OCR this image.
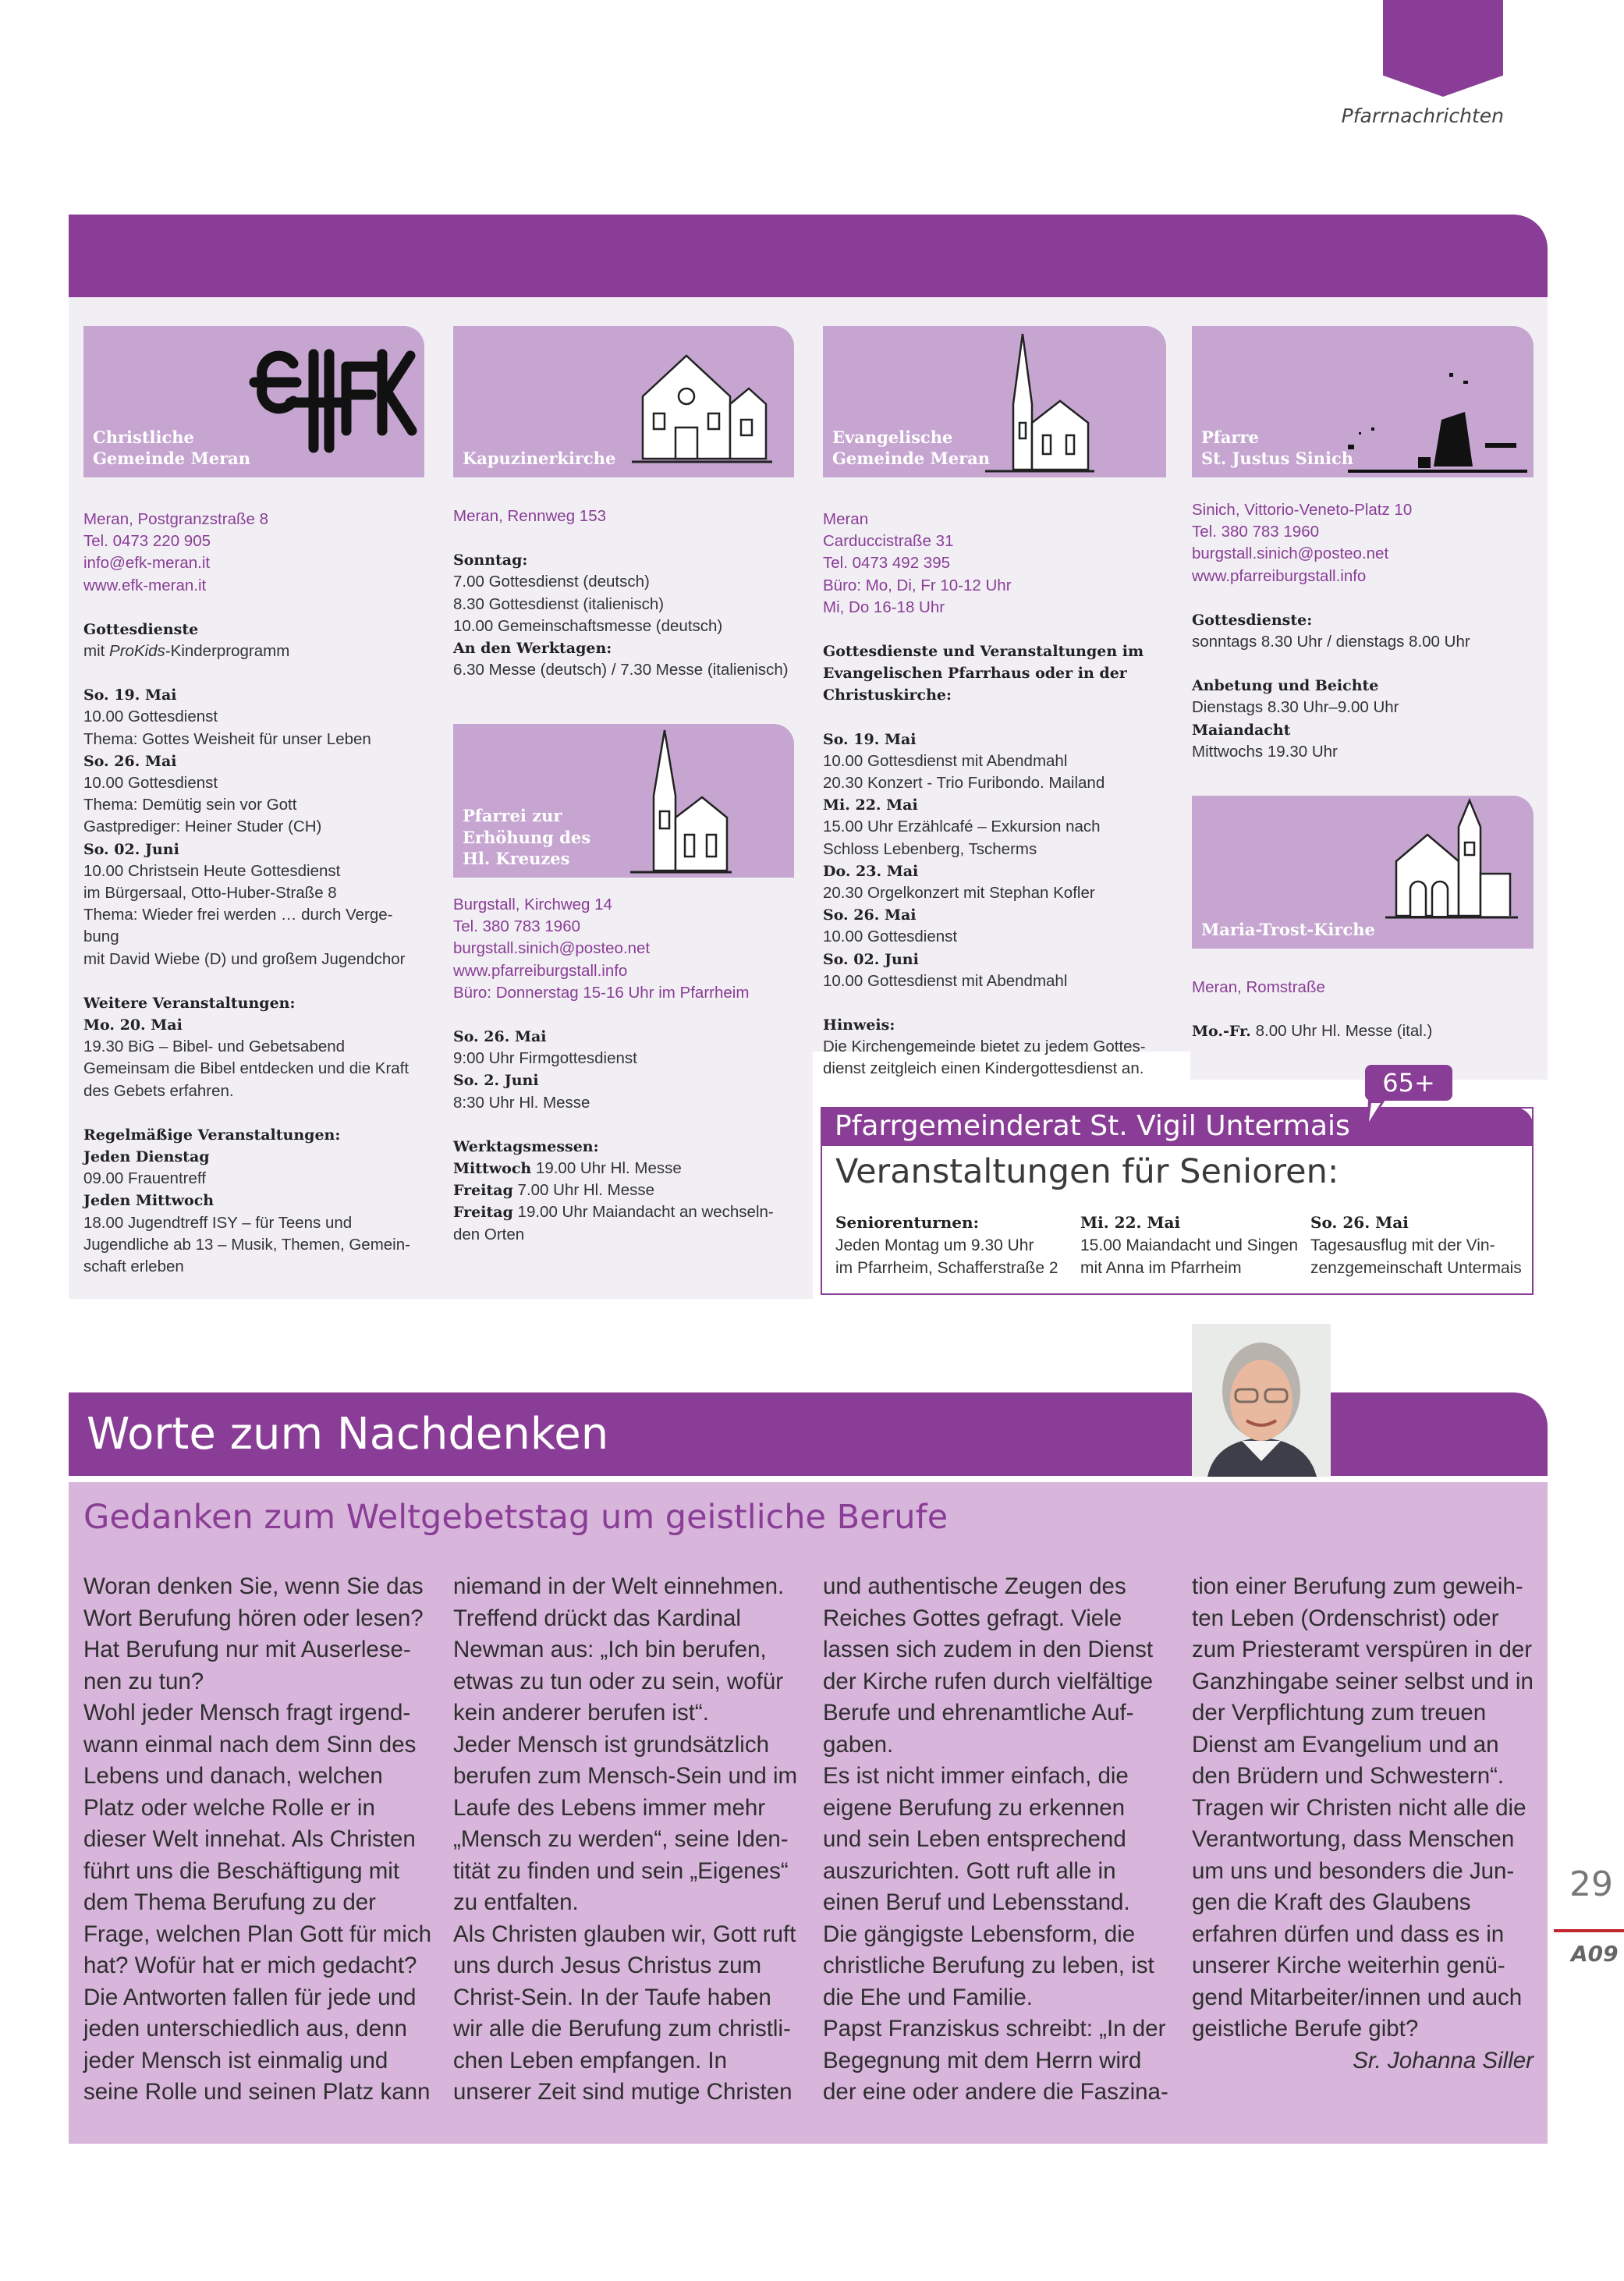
Pfarrnachrichten
Christliche
Gemeinde Meran	Kapuzinerkirche
Evangelische
Gemeinde Meran
Pfarre
St. Justus Sinich
Pfarrei zur
Erhöhung des
Hl. Kreuzes
Maria-Trost-Kirche

Meran, Postgranzstraße 8
Tel. 0473 220 905
info@efk-meran.it
www.efk-meran.it

Gottesdienste
mit ProKids-Kinderprogramm

So. 19. Mai
10.00 Gottesdienst
Thema: Gottes Weisheit für unser Leben
So. 26. Mai
10.00 Gottesdienst
Thema: Demütig sein vor Gott
Gastprediger: Heiner Studer (CH)
So. 02. Juni
10.00 Christsein Heute Gottesdienst
im Bürgersaal, Otto-Huber-Straße 8
Thema: Wieder frei werden … durch Verge-
bung
mit David Wiebe (D) und großem Jugendchor

Weitere Veranstaltungen:
Mo. 20. Mai
19.30 BiG – Bibel- und Gebetsabend
Gemeinsam die Bibel entdecken und die Kraft
des Gebets erfahren.

Regelmäßige Veranstaltungen:
Jeden Dienstag
09.00 Frauentreff
Jeden Mittwoch
18.00 Jugendtreff ISY – für Teens und
Jugendliche ab 13 – Musik, Themen, Gemein-
schaft erleben

Meran, Rennweg 153

Sonntag:
7.00 Gottesdienst (deutsch)
8.30 Gottesdienst (italienisch)
10.00 Gemeinschaftsmesse (deutsch)
An den Werktagen:
6.30 Messe (deutsch) / 7.30 Messe (italienisch)

Burgstall, Kirchweg 14
Tel. 380 783 1960
burgstall.sinich@posteo.net
www.pfarreiburgstall.info
Büro: Donnerstag 15-16 Uhr im Pfarrheim

So. 26. Mai
9:00 Uhr Firmgottesdienst
So. 2. Juni
8:30 Uhr Hl. Messe

Werktagsmessen:
Mittwoch 19.00 Uhr Hl. Messe
Freitag 7.00 Uhr Hl. Messe
Freitag 19.00 Uhr Maiandacht an wechseln-
den Orten

Meran
Carduccistraße 31
Tel. 0473 492 395
Büro: Mo, Di, Fr 10-12 Uhr
Mi, Do 16-18 Uhr

Gottesdienste und Veranstaltungen im
Evangelischen Pfarrhaus oder in der
Christuskirche:

So. 19. Mai
10.00 Gottesdienst mit Abendmahl
20.30 Konzert - Trio Furibondo. Mailand
Mi. 22. Mai
15.00 Uhr Erzählcafé – Exkursion nach
Schloss Lebenberg, Tscherms
Do. 23. Mai
20.30 Orgelkonzert mit Stephan Kofler
So. 26. Mai
10.00 Gottesdienst
So. 02. Juni
10.00 Gottesdienst mit Abendmahl

Hinweis:
Die Kirchengemeinde bietet zu jedem Gottes-
dienst zeitgleich einen Kindergottesdienst an.

Sinich, Vittorio-Veneto-Platz 10
Tel. 380 783 1960
burgstall.sinich@posteo.net
www.pfarreiburgstall.info

Gottesdienste:
sonntags 8.30 Uhr / dienstags 8.00 Uhr

Anbetung und Beichte
Dienstags 8.30 Uhr–9.00 Uhr
Maiandacht
Mittwochs 19.30 Uhr

Meran, Romstraße

Mo.-Fr. 8.00 Uhr Hl. Messe (ital.)

Pfarrgemeinderat St. Vigil Untermais
65+
Veranstaltungen für Senioren:
Seniorenturnen:
Jeden Montag um 9.30 Uhr
im Pfarrheim, Schafferstraße 2
Mi. 22. Mai
15.00 Maiandacht und Singen
mit Anna im Pfarrheim
So. 26. Mai
Tagesausflug mit der Vin-
zenzgemeinschaft Untermais
Worte zum Nachdenken
Gedanken zum Weltgebetstag um geistliche Berufe
Woran denken Sie, wenn Sie das
Wort Berufung hören oder lesen?
Hat Berufung nur mit Auserlese-
nen zu tun?
Wohl jeder Mensch fragt irgend-
wann einmal nach dem Sinn des
Lebens und danach, welchen
Platz oder welche Rolle er in
dieser Welt innehat. Als Christen
führt uns die Beschäftigung mit
dem Thema Berufung zu der
Frage, welchen Plan Gott für mich
hat? Wofür hat er mich gedacht?
Die Antworten fallen für jede und
jeden unterschiedlich aus, denn
jeder Mensch ist einmalig und
seine Rolle und seinen Platz kann
niemand in der Welt einnehmen.
Treffend drückt das Kardinal
Newman aus: „Ich bin berufen,
etwas zu tun oder zu sein, wofür
kein anderer berufen ist“.
Jeder Mensch ist grundsätzlich
berufen zum Mensch-Sein und im
Laufe des Lebens immer mehr
„Mensch zu werden“, seine Iden-
tität zu finden und sein „Eigenes“
zu entfalten.
Als Christen glauben wir, Gott ruft
uns durch Jesus Christus zum
Christ-Sein. In der Taufe haben
wir alle die Berufung zum christli-
chen Leben empfangen. In
unserer Zeit sind mutige Christen
und authentische Zeugen des
Reiches Gottes gefragt. Viele
lassen sich zudem in den Dienst
der Kirche rufen durch vielfältige
Berufe und ehrenamtliche Auf-
gaben.
Es ist nicht immer einfach, die
eigene Berufung zu erkennen
und sein Leben entsprechend
auszurichten. Gott ruft alle in
einen Beruf und Lebensstand.
Die gängigste Lebensform, die
christliche Berufung zu leben, ist
die Ehe und Familie.
Papst Franziskus schreibt: „In der
Begegnung mit dem Herrn wird
der eine oder andere die Faszina-
tion einer Berufung zum geweih-
ten Leben (Ordenschrist) oder
zum Priesteramt verspüren in der
Ganzhingabe seiner selbst und in
der Verpflichtung zum treuen
Dienst am Evangelium und an
den Brüdern und Schwestern“.
Tragen wir Christen nicht alle die
Verantwortung, dass Menschen
um uns und besonders die Jun-
gen die Kraft des Glaubens
erfahren dürfen und dass es in
unserer Kirche weiterhin genü-
gend Mitarbeiter/innen und auch
geistliche Berufe gibt?
Sr. Johanna Siller
29
A09
